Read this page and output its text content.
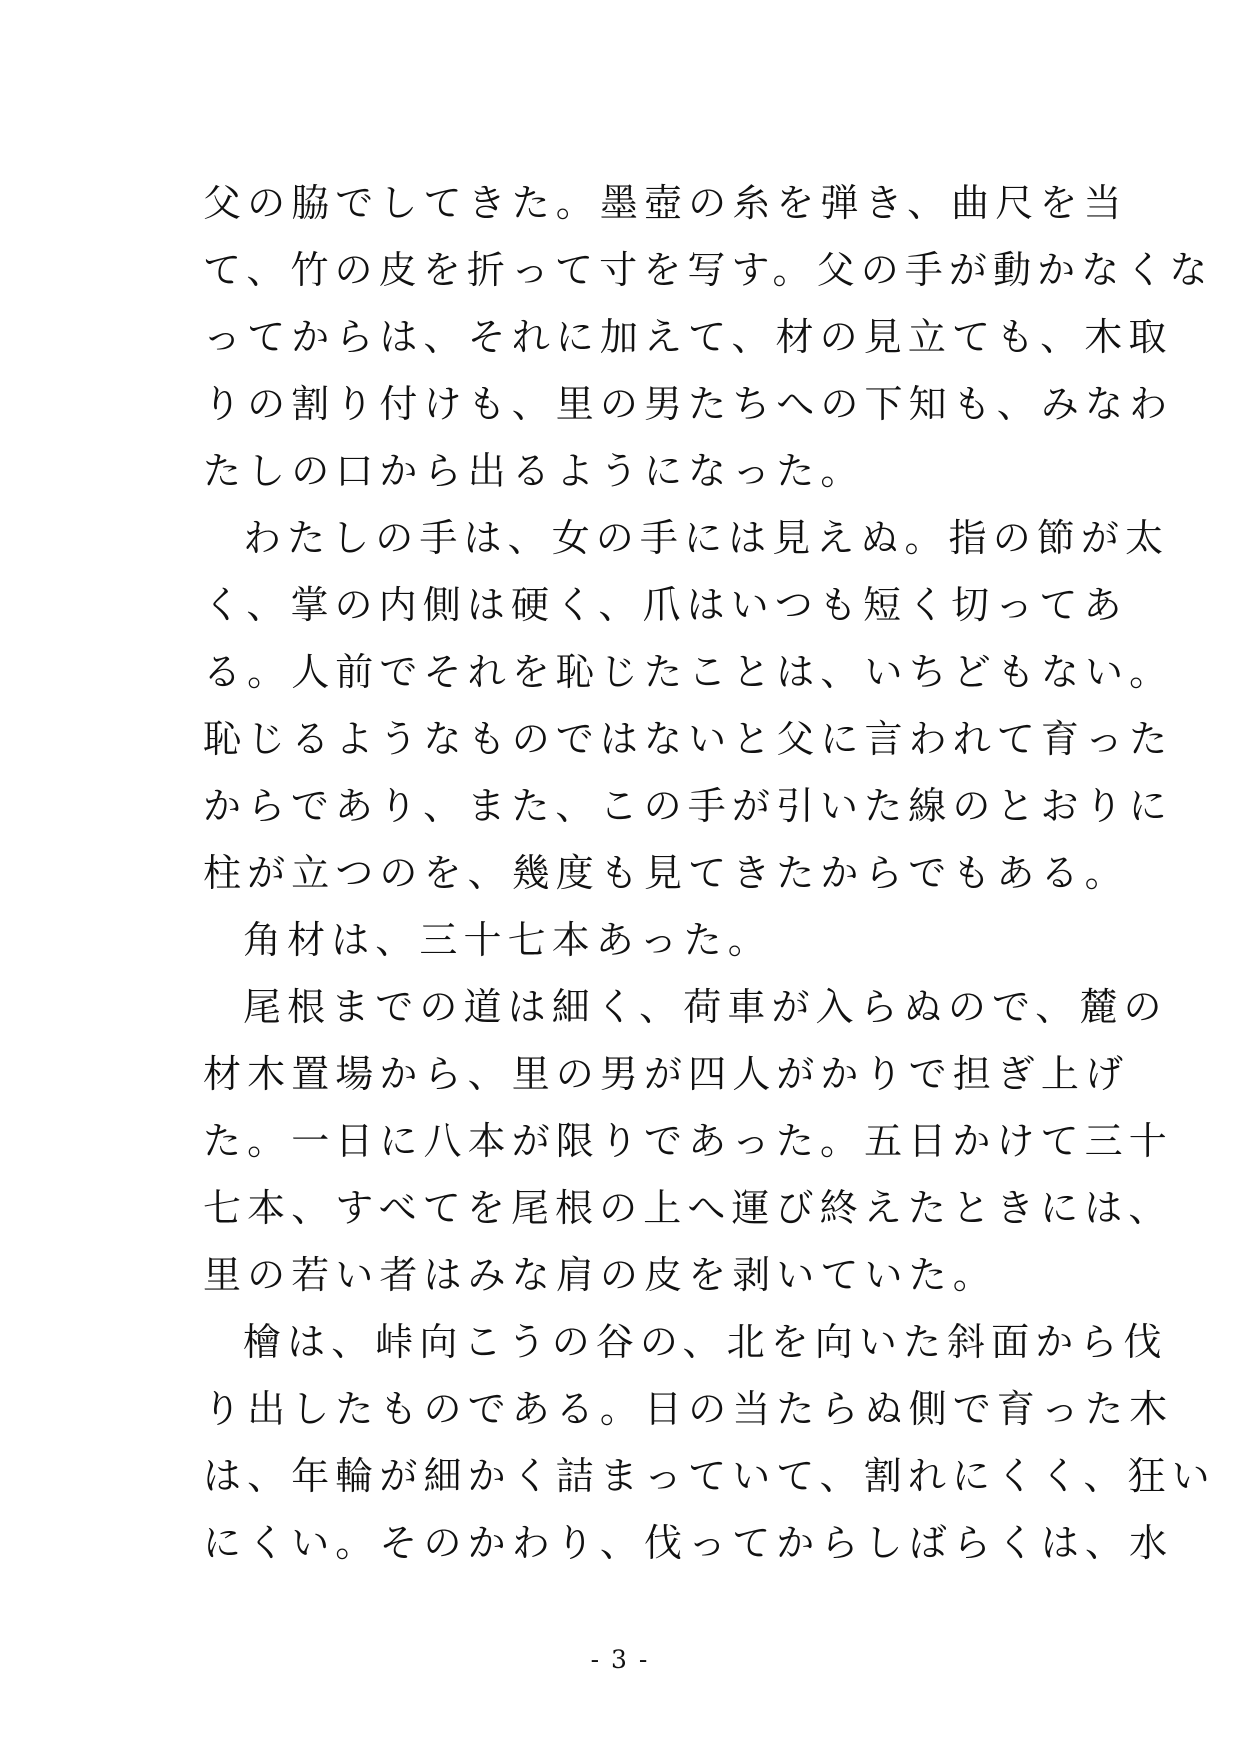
父の脇でしてきた。墨壺の糸を弾き、曲尺を当
て、竹の皮を折って寸を写す。父の手が動かなくな
ってからは、それに加えて、材の見立ても、木取
りの割り付けも、里の男たちへの下知も、みなわ
たしの口から出るようになった。
わたしの手は、女の手には見えぬ。指の節が太
く、掌の内側は硬く、爪はいつも短く切ってあ
る。人前でそれを恥じたことは、いちどもない。
恥じるようなものではないと父に言われて育った
からであり、また、この手が引いた線のとおりに
柱が立つのを、幾度も見てきたからでもある。
角材は、三十七本あった。
尾根までの道は細く、荷車が入らぬので、麓の
材木置場から、里の男が四人がかりで担ぎ上げ
た。一日に八本が限りであった。五日かけて三十
七本、すべてを尾根の上へ運び終えたときには、
里の若い者はみな肩の皮を剥いていた。
檜は、峠向こうの谷の、北を向いた斜面から伐
り出したものである。日の当たらぬ側で育った木
は、年輪が細かく詰まっていて、割れにくく、狂い
にくい。そのかわり、伐ってからしばらくは、水
- 3 -
